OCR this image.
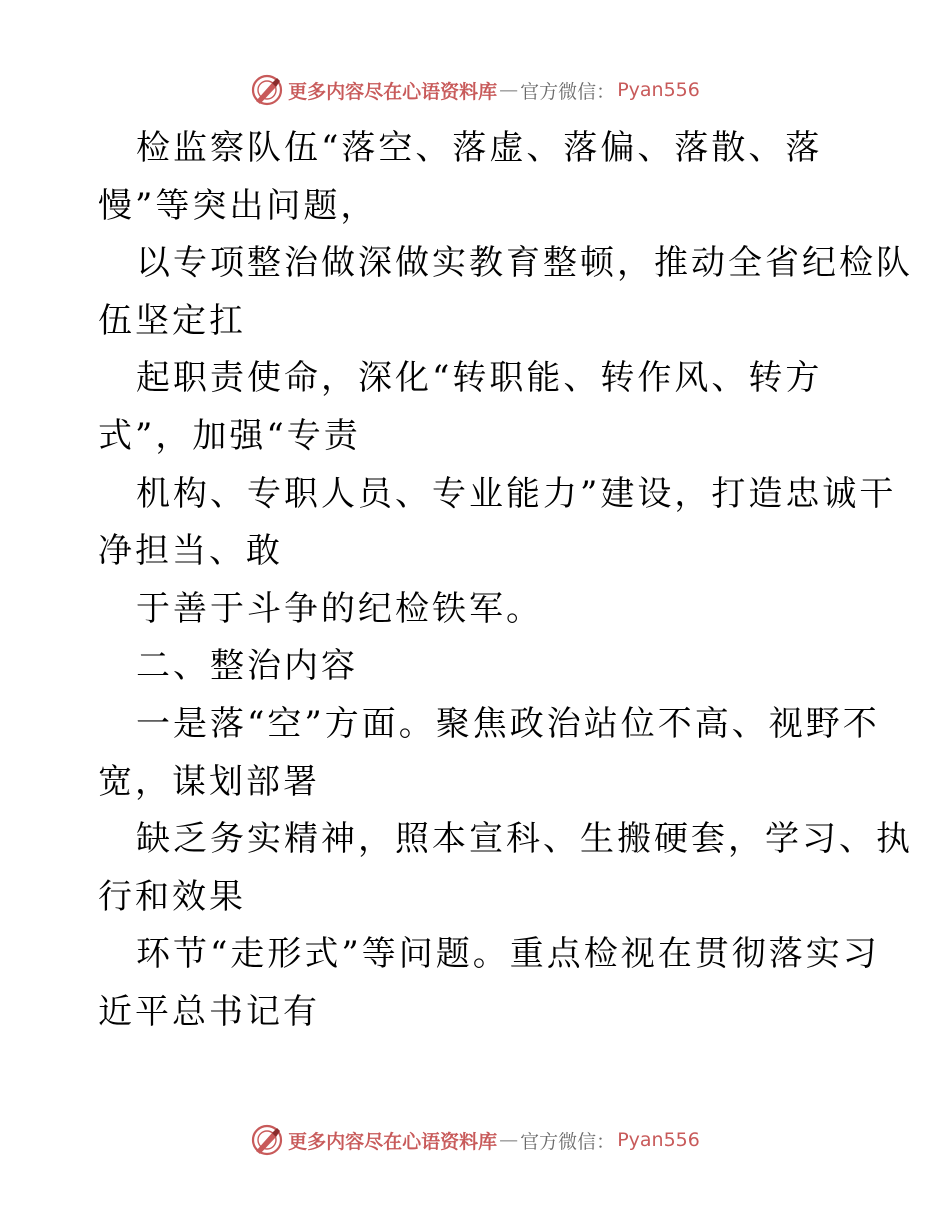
更多内容尽在心语资料库 — 官方微信： Pyan556
检监察队伍“落空、落虚、落偏、落散、落
慢”等突出问题，
以专项整治做深做实教育整顿，推动全省纪检队
伍坚定扛
起职责使命，深化“转职能、转作风、转方
式”，加强“专责
机构、专职人员、专业能力”建设，打造忠诚干
净担当、敢
于善于斗争的纪检铁军。
二、整治内容
一是落“空”方面。聚焦政治站位不高、视野不
宽，谋划部署
缺乏务实精神，照本宣科、生搬硬套，学习、执
行和效果
环节“走形式”等问题。重点检视在贯彻落实习
近平总书记有
更多内容尽在心语资料库 — 官方微信： Pyan556
